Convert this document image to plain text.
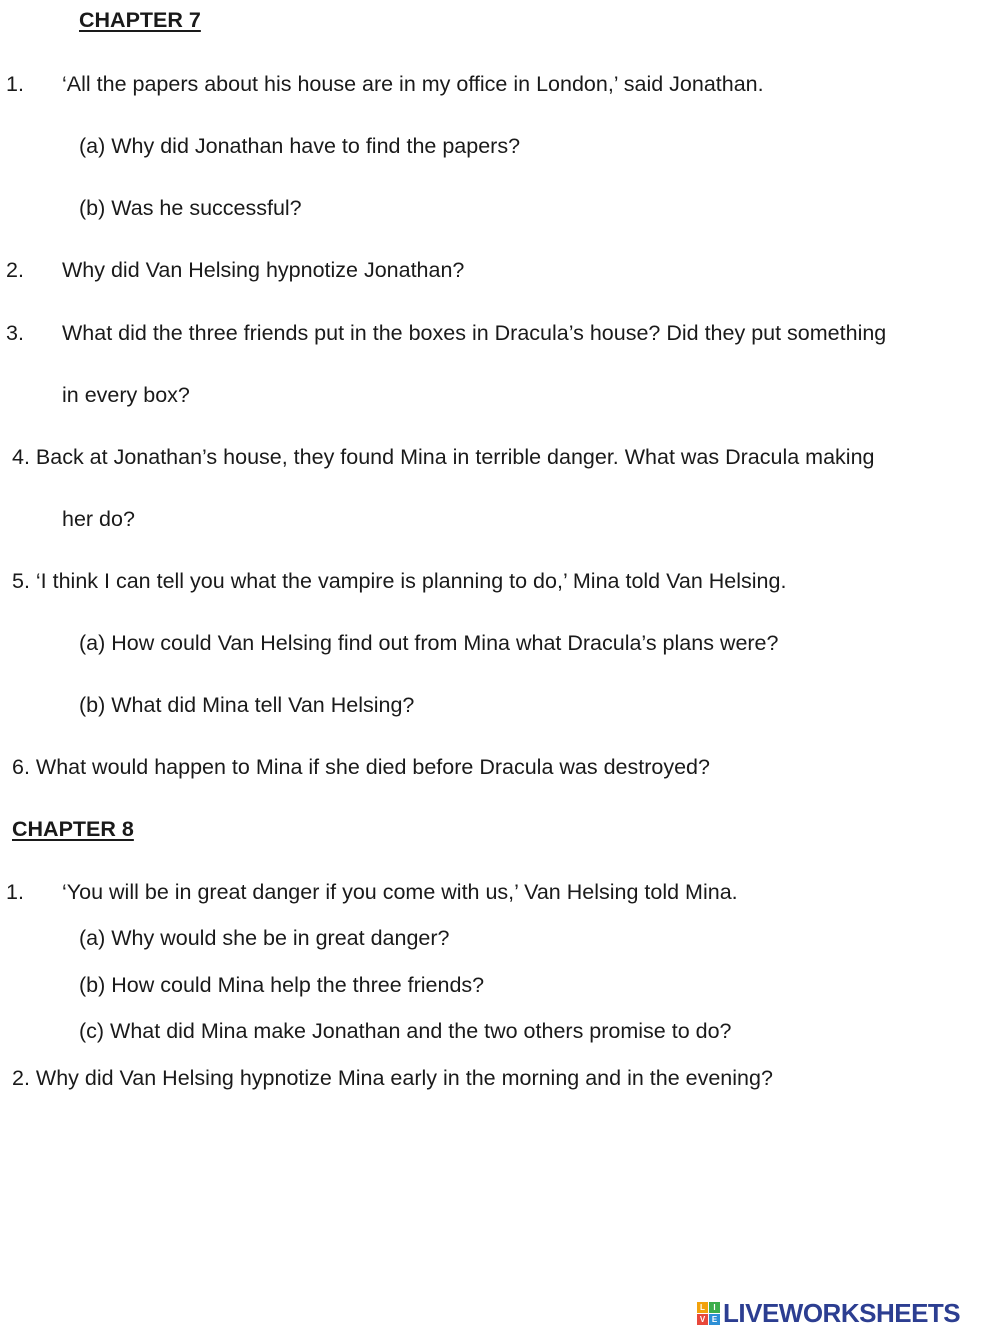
CHAPTER 7
1. ‘All the papers about his house are in my office in London,’ said Jonathan.
(a) Why did Jonathan have to find the papers?
(b) Was he successful?
2. Why did Van Helsing hypnotize Jonathan?
3. What did the three friends put in the boxes in Dracula’s house? Did they put something
in every box?
4. Back at Jonathan’s house, they found Mina in terrible danger. What was Dracula making
her do?
5. ‘I think I can tell you what the vampire is planning to do,’ Mina told Van Helsing.
(a) How could Van Helsing find out from Mina what Dracula’s plans were?
(b) What did Mina tell Van Helsing?
6. What would happen to Mina if she died before Dracula was destroyed?
CHAPTER 8
1. ‘You will be in great danger if you come with us,’ Van Helsing told Mina.
(a) Why would she be in great danger?
(b) How could Mina help the three friends?
(c) What did Mina make Jonathan and the two others promise to do?
2. Why did Van Helsing hypnotize Mina early in the morning and in the evening?
L	I
V E LIVEWORKSHEETS
